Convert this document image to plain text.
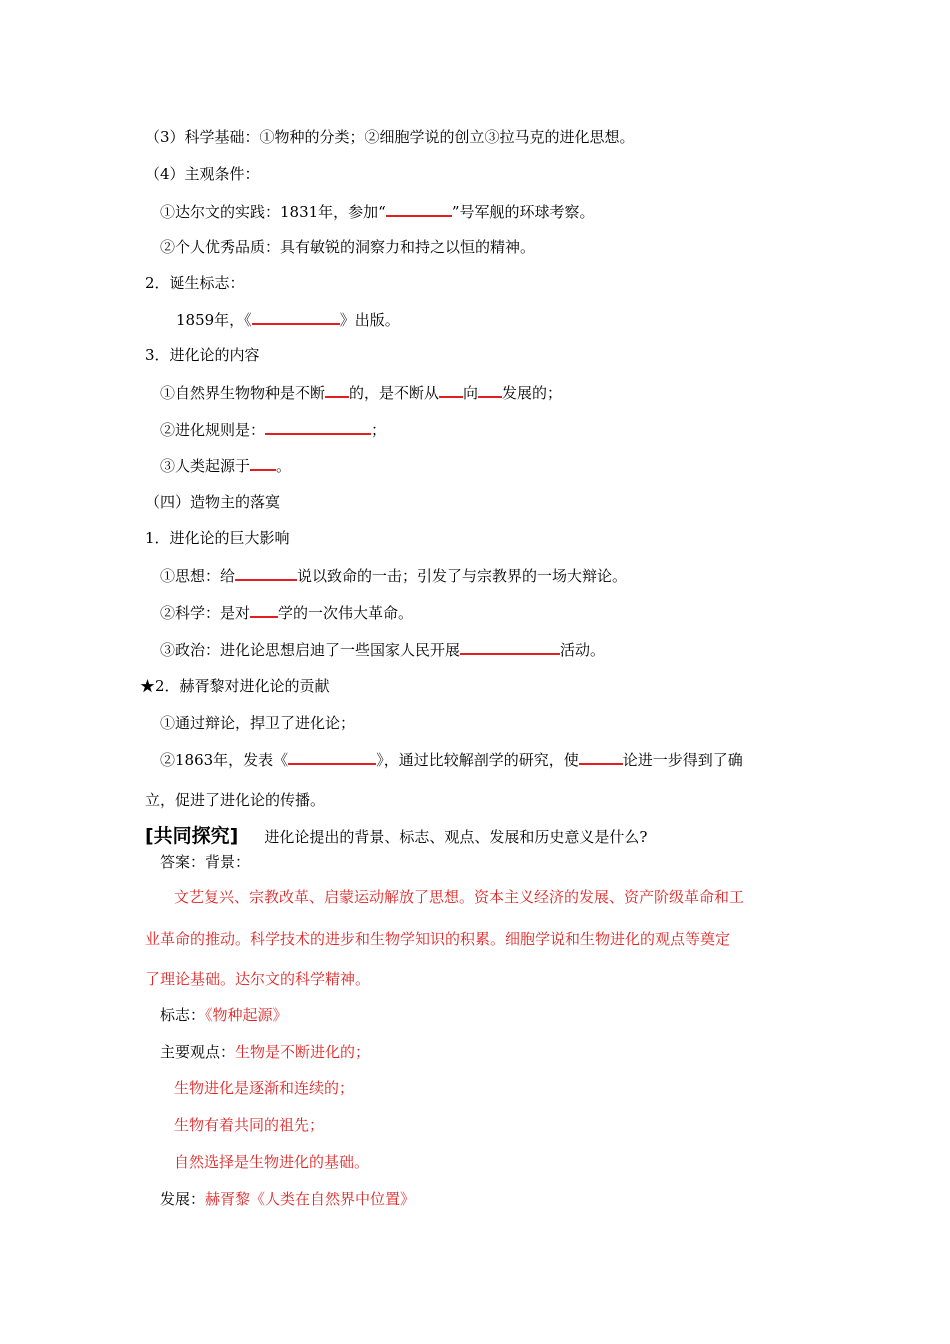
（3）科学基础：①物种的分类；②细胞学说的创立③拉马克的进化思想。
（4）主观条件：
①达尔文的实践：1831年，参加“	”号军舰的环球考察。
②个人优秀品质：具有敏锐的洞察力和持之以恒的精神。
2．诞生标志：
1859年，《	》出版。
3．进化论的内容
①自然界生物物种是不断 的，是不断从 向 发展的；
②进化规则是：	；
③人类起源于 。
（四）造物主的落寞
1．进化论的巨大影响
①思想：给	说以致命的一击；引发了与宗教界的一场大辩论。
②科学：是对 学的一次伟大革命。
③政治：进化论思想启迪了一些国家人民开展	活动。
★2．赫胥黎对进化论的贡献
①通过辩论，捍卫了进化论；
②1863年，发表《	》，通过比较解剖学的研究，使	论进一步得到了确
立，促进了进化论的传播。
[共同探究] 进化论提出的背景、标志、观点、发展和历史意义是什么?
答案：背景：
文艺复兴、宗教改革、启蒙运动解放了思想。资本主义经济的发展、资产阶级革命和工
业革命的推动。科学技术的进步和生物学知识的积累。细胞学说和生物进化的观点等奠定
了理论基础。达尔文的科学精神。
标志：《物种起源》
主要观点：生物是不断进化的；
生物进化是逐渐和连续的；
生物有着共同的祖先；
自然选择是生物进化的基础。
发展：赫胥黎《人类在自然界中位置》
